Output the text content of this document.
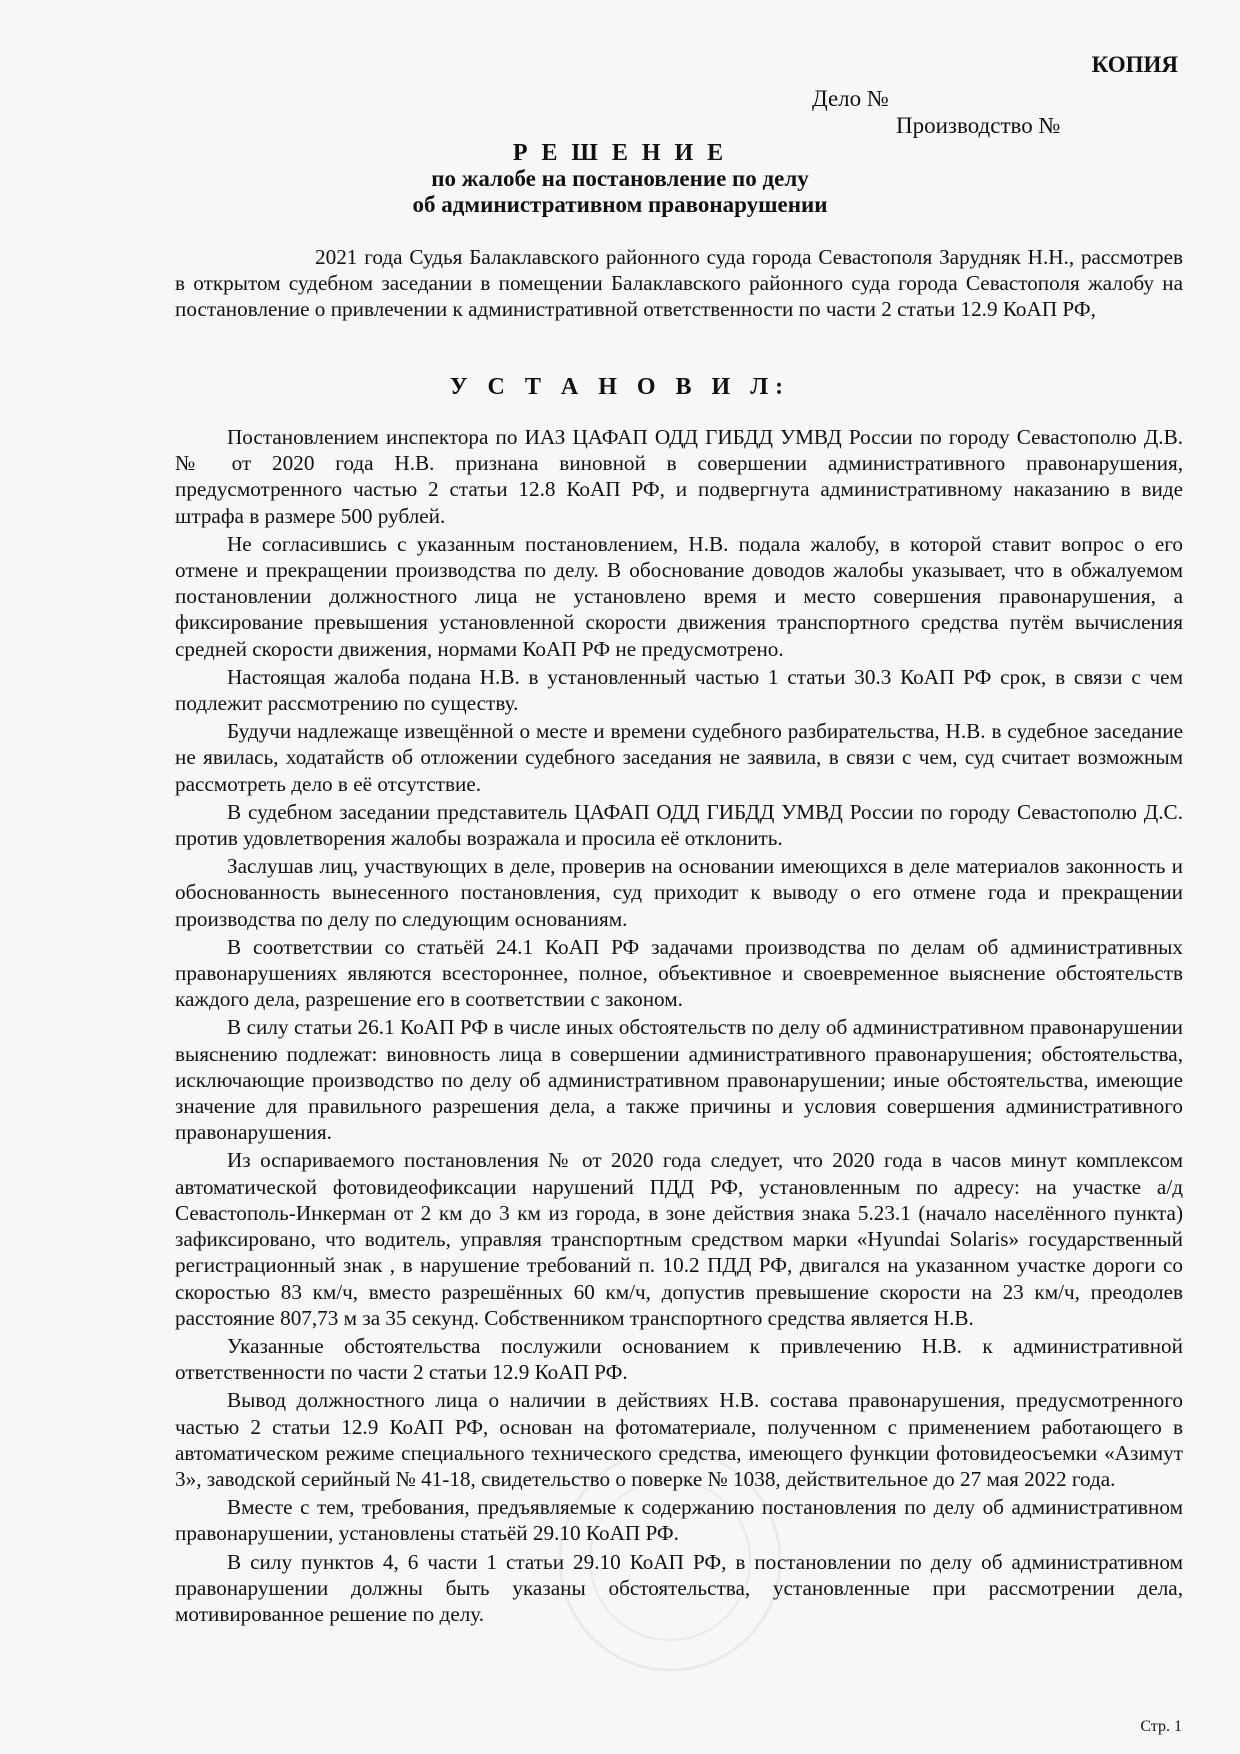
КОПИЯ
Дело №
Производство №
Р Е Ш Е Н И Е
по жалобе на постановление по делу
об административном правонарушении

2021 года Судья Балаклавского районного суда города Севастополя Зарудняк Н.Н., рассмотрев в открытом судебном заседании в помещении Балаклавского районного суда города Севастополя жалобу на постановление о привлечении к административной ответственности по части 2 статьи 12.9 КоАП РФ,

У С Т А Н О В И Л:

Постановлением инспектора по ИАЗ ЦАФАП ОДД ГИБДД УМВД России по городу Севастополю Д.В. № от 2020 года Н.В. признана виновной в совершении административного правонарушения, предусмотренного частью 2 статьи 12.8 КоАП РФ, и подвергнута административному наказанию в виде штрафа в размере 500 рублей.

Не согласившись с указанным постановлением, Н.В. подала жалобу, в которой ставит вопрос о его отмене и прекращении производства по делу. В обоснование доводов жалобы указывает, что в обжалуемом постановлении должностного лица не установлено время и место совершения правонарушения, а фиксирование превышения установленной скорости движения транспортного средства путём вычисления средней скорости движения, нормами КоАП РФ не предусмотрено.

Настоящая жалоба подана Н.В. в установленный частью 1 статьи 30.3 КоАП РФ срок, в связи с чем подлежит рассмотрению по существу.

Будучи надлежаще извещённой о месте и времени судебного разбирательства, Н.В. в судебное заседание не явилась, ходатайств об отложении судебного заседания не заявила, в связи с чем, суд считает возможным рассмотреть дело в её отсутствие.

В судебном заседании представитель ЦАФАП ОДД ГИБДД УМВД России по городу Севастополю Д.С. против удовлетворения жалобы возражала и просила её отклонить.

Заслушав лиц, участвующих в деле, проверив на основании имеющихся в деле материалов законность и обоснованность вынесенного постановления, суд приходит к выводу о его отмене года и прекращении производства по делу по следующим основаниям.

В соответствии со статьёй 24.1 КоАП РФ задачами производства по делам об административных правонарушениях являются всестороннее, полное, объективное и своевременное выяснение обстоятельств каждого дела, разрешение его в соответствии с законом.

В силу статьи 26.1 КоАП РФ в числе иных обстоятельств по делу об административном правонарушении выяснению подлежат: виновность лица в совершении административного правонарушения; обстоятельства, исключающие производство по делу об административном правонарушении; иные обстоятельства, имеющие значение для правильного разрешения дела, а также причины и условия совершения административного правонарушения.

Из оспариваемого постановления № от 2020 года следует, что 2020 года в часов минут комплексом автоматической фотовидеофиксации нарушений ПДД РФ, установленным по адресу: на участке а/д Севастополь-Инкерман от 2 км до 3 км из города, в зоне действия знака 5.23.1 (начало населённого пункта) зафиксировано, что водитель, управляя транспортным средством марки «Hyundai Solaris» государственный регистрационный знак , в нарушение требований п. 10.2 ПДД РФ, двигался на указанном участке дороги со скоростью 83 км/ч, вместо разрешённых 60 км/ч, допустив превышение скорости на 23 км/ч, преодолев расстояние 807,73 м за 35 секунд. Собственником транспортного средства является Н.В.

Указанные обстоятельства послужили основанием к привлечению Н.В. к административной ответственности по части 2 статьи 12.9 КоАП РФ.

Вывод должностного лица о наличии в действиях Н.В. состава правонарушения, предусмотренного частью 2 статьи 12.9 КоАП РФ, основан на фотоматериале, полученном с применением работающего в автоматическом режиме специального технического средства, имеющего функции фотовидеосъемки «Азимут 3», заводской серийный № 41-18, свидетельство о поверке № 1038, действительное до 27 мая 2022 года.

Вместе с тем, требования, предъявляемые к содержанию постановления по делу об административном правонарушении, установлены статьёй 29.10 КоАП РФ.

В силу пунктов 4, 6 части 1 статьи 29.10 КоАП РФ, в постановлении по делу об административном правонарушении должны быть указаны обстоятельства, установленные при рассмотрении дела, мотивированное решение по делу.

Стр. 1
